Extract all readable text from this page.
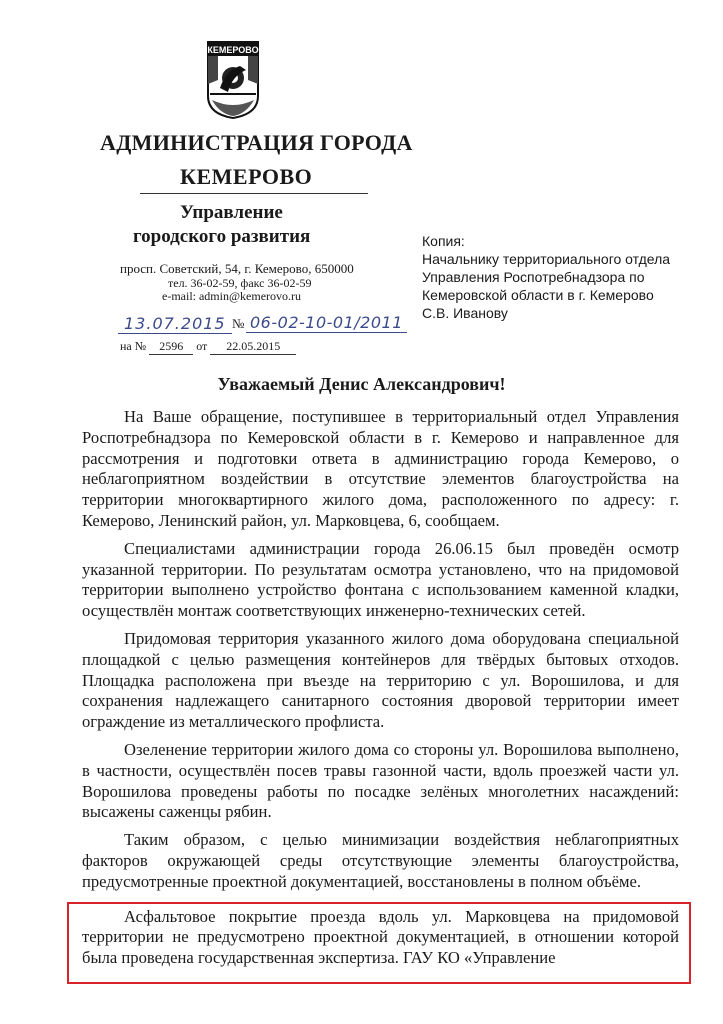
КЕМЕРОВО
АДМИНИСТРАЦИЯ ГОРОДА
КЕМЕРОВО
Управление
городского развития
просп. Советский, 54, г. Кемерово, 650000
тел. 36-02-59, факс 36-02-59
e-mail: admin@kemerovo.ru
13.07.2015 № 06-02-10-01/2011
на № 2596 от 22.05.2015
Копия:
Начальнику территориального отдела
Управления Роспотребнадзора по
Кемеровской области в г. Кемерово
С.В. Иванову
Уважаемый Денис Александрович!

На Ваше обращение, поступившее в территориальный отдел Управления Роспотребнадзора по Кемеровской области в г. Кемерово и направленное для рассмотрения и подготовки ответа в администрацию города Кемерово, о неблагоприятном воздействии в отсутствие элементов благоустройства на территории многоквартирного жилого дома, расположенного по адресу: г. Кемерово, Ленинский район, ул. Марковцева, 6, сообщаем.

Специалистами администрации города 26.06.15 был проведён осмотр указанной территории. По результатам осмотра установлено, что на придомовой территории выполнено устройство фонтана с использованием каменной кладки, осуществлён монтаж соответствующих инженерно-технических сетей.

Придомовая территория указанного жилого дома оборудована специальной площадкой с целью размещения контейнеров для твёрдых бытовых отходов. Площадка расположена при въезде на территорию с ул. Ворошилова, и для сохранения надлежащего санитарного состояния дворовой территории имеет ограждение из металлического профлиста.

Озеленение территории жилого дома со стороны ул. Ворошилова выполнено, в частности, осуществлён посев травы газонной части, вдоль проезжей части ул. Ворошилова проведены работы по посадке зелёных многолетних насаждений: высажены саженцы рябин.

Таким образом, с целью минимизации воздействия неблагоприятных факторов окружающей среды отсутствующие элементы благоустройства, предусмотренные проектной документацией, восстановлены в полном объёме.

Асфальтовое покрытие проезда вдоль ул. Марковцева на придомовой территории не предусмотрено проектной документацией, в отношении которой была проведена государственная экспертиза. ГАУ КО «Управление
